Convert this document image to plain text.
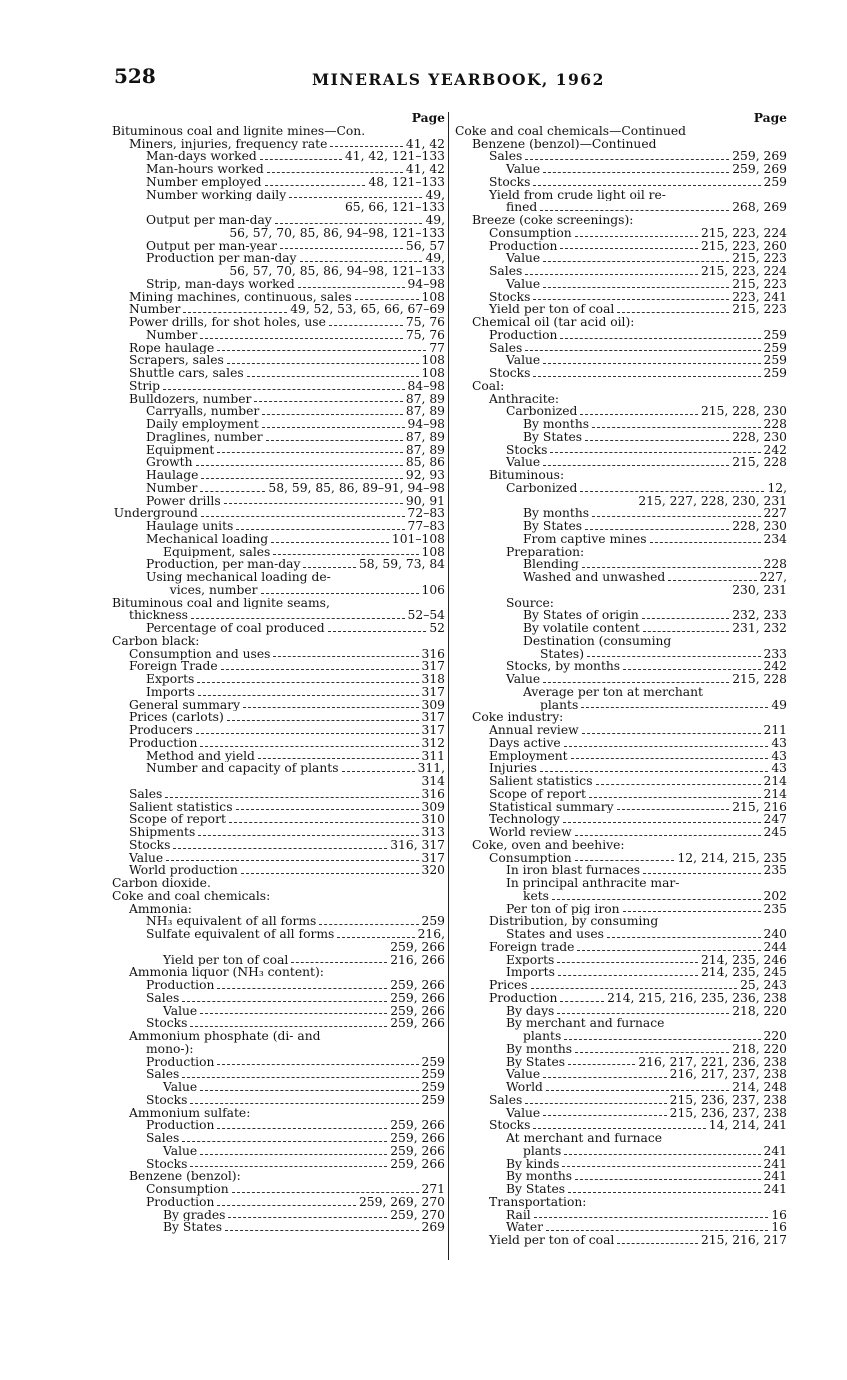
528	MINERALS YEARBOOK, 1962
Page
Bituminous coal and lignite mines—Con.
Miners, injuries, frequency rate	41, 42
Man-days worked	41, 42, 121–133
Man-hours worked	41, 42
Number employed	48, 121–133
Number working daily	49,
65, 66, 121–133
Output per man-day	49,
56, 57, 70, 85, 86, 94–98, 121–133
Output per man-year	56, 57
Production per man-day	49,
56, 57, 70, 85, 86, 94–98, 121–133
Strip, man-days worked	94–98
Mining machines, continuous, sales	108
Number	49, 52, 53, 65, 66, 67–69
Power drills, for shot holes, use	75, 76
Number	75, 76
Rope haulage	77
Scrapers, sales	108
Shuttle cars, sales	108
Strip	84–98
Bulldozers, number	87, 89
Carryalls, number	87, 89
Daily employment	94–98
Draglines, number	87, 89
Equipment	87, 89
Growth	85, 86
Haulage	92, 93
Number	58, 59, 85, 86, 89–91, 94–98
Power drills	90, 91
Underground	72–83
Haulage units	77–83
Mechanical loading	101–108
Equipment, sales	108
Production, per man-day	58, 59, 73, 84
Using mechanical loading de-
vices, number	106
Bituminous coal and lignite seams,
thickness	52–54
Percentage of coal produced	52
Carbon black:
Consumption and uses	316
Foreign Trade	317
Exports	318
Imports	317
General summary	309
Prices (carlots)	317
Producers	317
Production	312
Method and yield	311
Number and capacity of plants	311,
314
Sales	316
Salient statistics	309
Scope of report	310
Shipments	313
Stocks	316, 317
Value	317
World production	320
Carbon dioxide.
Coke and coal chemicals:
Ammonia:
NH₃ equivalent of all forms	259
Sulfate equivalent of all forms	216,
259, 266
Yield per ton of coal	216, 266
Ammonia liquor (NH₃ content):
Production	259, 266
Sales	259, 266
Value	259, 266
Stocks	259, 266
Ammonium phosphate (di- and
mono-):
Production	259
Sales	259
Value	259
Stocks	259
Ammonium sulfate:
Production	259, 266
Sales	259, 266
Value	259, 266
Stocks	259, 266
Benzene (benzol):
Consumption	271
Production	259, 269, 270
By grades	259, 270
By States	269
Page
Coke and coal chemicals—Continued
Benzene (benzol)—Continued
Sales	259, 269
Value	259, 269
Stocks	259
Yield from crude light oil re-
fined	268, 269
Breeze (coke screenings):
Consumption	215, 223, 224
Production	215, 223, 260
Value	215, 223
Sales	215, 223, 224
Value	215, 223
Stocks	223, 241
Yield per ton of coal	215, 223
Chemical oil (tar acid oil):
Production	259
Sales	259
Value	259
Stocks	259
Coal:
Anthracite:
Carbonized	215, 228, 230
By months	228
By States	228, 230
Stocks	242
Value	215, 228
Bituminous:
Carbonized	12,
215, 227, 228, 230, 231
By months	227
By States	228, 230
From captive mines	234
Preparation:
Blending	228
Washed and unwashed	227,
230, 231
Source:
By States of origin	232, 233
By volatile content	231, 232
Destination (consuming
States)	233
Stocks, by months	242
Value	215, 228
Average per ton at merchant
plants	49
Coke industry:
Annual review	211
Days active	43
Employment	43
Injuries	43
Salient statistics	214
Scope of report	214
Statistical summary	215, 216
Technology	247
World review	245
Coke, oven and beehive:
Consumption	12, 214, 215, 235
In iron blast furnaces	235
In principal anthracite mar-
kets	202
Per ton of pig iron	235
Distribution, by consuming
States and uses	240
Foreign trade	244
Exports	214, 235, 246
Imports	214, 235, 245
Prices	25, 243
Production	214, 215, 216, 235, 236, 238
By days	218, 220
By merchant and furnace
plants	220
By months	218, 220
By States	216, 217, 221, 236, 238
Value	216, 217, 237, 238
World	214, 248
Sales	215, 236, 237, 238
Value	215, 236, 237, 238
Stocks	14, 214, 241
At merchant and furnace
plants	241
By kinds	241
By months	241
By States	241
Transportation:
Rail	16
Water	16
Yield per ton of coal	215, 216, 217
